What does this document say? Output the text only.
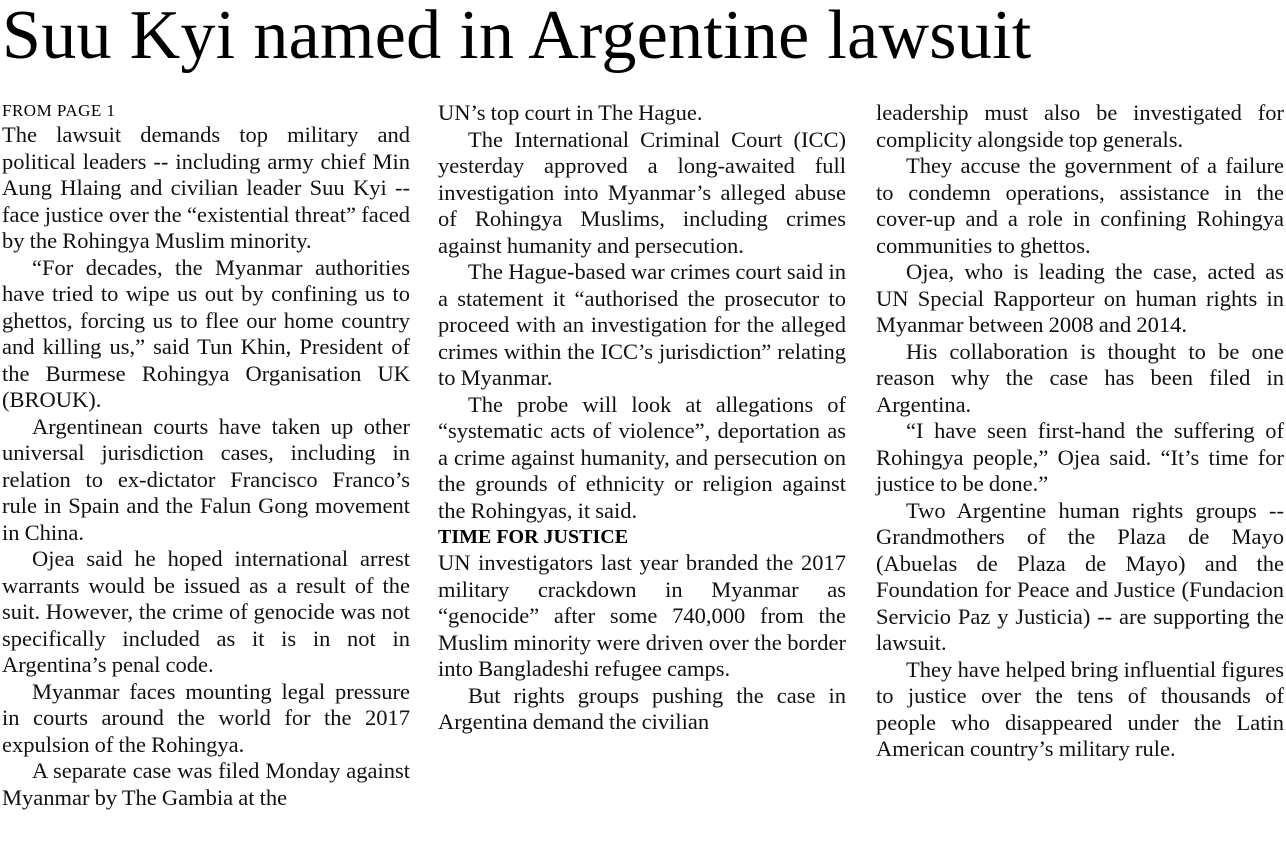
Suu Kyi named in Argentine lawsuit

FROM PAGE 1

The lawsuit demands top military and political leaders -- including army chief Min Aung Hlaing and civilian leader Suu Kyi -- face justice over the “existential threat” faced by the Rohingya Muslim minority.

“For decades, the Myanmar authorities have tried to wipe us out by confining us to ghettos, forcing us to flee our home country and killing us,” said Tun Khin, President of the Burmese Rohingya Organisation UK (BROUK).

Argentinean courts have taken up other universal jurisdiction cases, including in relation to ex-dictator Francisco Franco’s rule in Spain and the Falun Gong movement in China.

Ojea said he hoped international arrest warrants would be issued as a result of the suit. However, the crime of genocide was not specifically included as it is in not in Argentina’s penal code.

Myanmar faces mounting legal pressure in courts around the world for the 2017 expulsion of the Rohingya.

A separate case was filed Monday against Myanmar by The Gambia at the

UN’s top court in The Hague.

The International Criminal Court (ICC) yesterday approved a long-awaited full investigation into Myanmar’s alleged abuse of Rohingya Muslims, including crimes against humanity and persecution.

The Hague-based war crimes court said in a statement it “authorised the prosecutor to proceed with an investigation for the alleged crimes within the ICC’s jurisdiction” relating to Myanmar.

The probe will look at allegations of “systematic acts of violence”, deportation as a crime against humanity, and persecution on the grounds of ethnicity or religion against the Rohingyas, it said.

TIME FOR JUSTICE

UN investigators last year branded the 2017 military crackdown in Myanmar as “genocide” after some 740,000 from the Muslim minority were driven over the border into Bangladeshi refugee camps.

But rights groups pushing the case in Argentina demand the civilian

leadership must also be investigated for complicity alongside top generals.

They accuse the government of a failure to condemn operations, assistance in the cover-up and a role in confining Rohingya communities to ghettos.

Ojea, who is leading the case, acted as UN Special Rapporteur on human rights in Myanmar between 2008 and 2014.

His collaboration is thought to be one reason why the case has been filed in Argentina.

“I have seen first-hand the suffering of Rohingya people,” Ojea said. “It’s time for justice to be done.”

Two Argentine human rights groups -- Grandmothers of the Plaza de Mayo (Abuelas de Plaza de Mayo) and the Foundation for Peace and Justice (Fundacion Servicio Paz y Justicia) -- are supporting the lawsuit.

They have helped bring influential figures to justice over the tens of thousands of people who disappeared under the Latin American country’s military rule.
